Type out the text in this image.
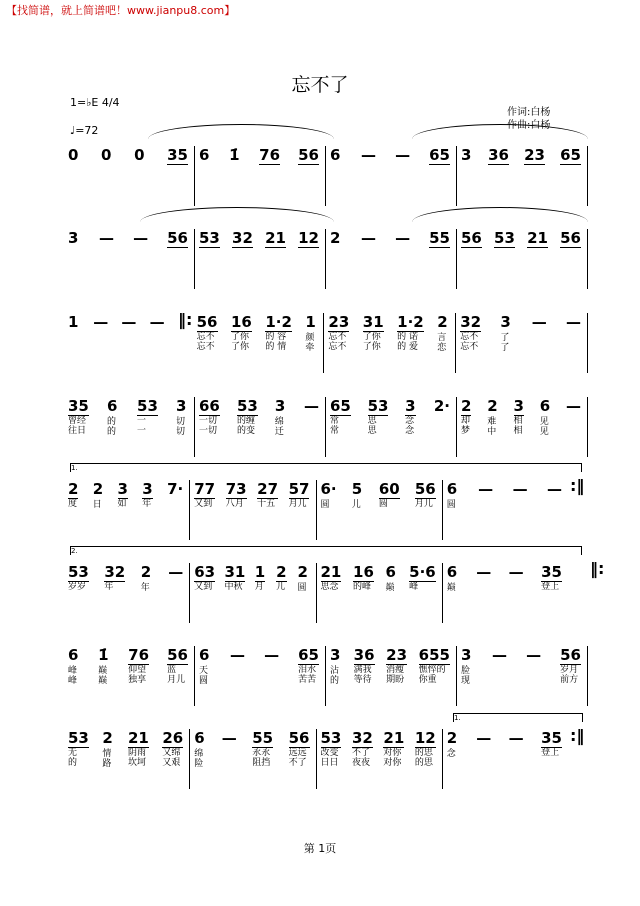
【找简谱，就上简谱吧！www.jianpu8.com】
忘不了
1=♭E 4/4
♩=72
作词:白杨
作曲:白杨
0 0 0 35 6 1̇ 76 56 6 — — 65 3 36 23 65
3 — — 56 53 32 21 12 2 — — 55 56 53 21 56
1 — — — 56
忘不
忘不
16
了你
了你
1·2
的 容
的 情
1
颜
牵
23
忘不
忘不
31
了你
了你
1·2
的 诺
的 爱
2
言
恋
32
忘不
忘不
3
了
了
— —
35
曾经
往日
6
的
的
53
一
一
3
切
切
66
一切
一切
53
的缠
的变
3
绵
迁
— 65
常
常
53
思
思
3
念
念
2· 2
却
梦
2
难
中
3
相
相
6
见
见
—
2
度
2
日
3
如
3
年
7· 77
又到
73
八月
27
十五
57
月儿
6·
圆
5
儿
60
圆
56
月儿
6
圆
— — —
53
岁岁
32
年
2
年
— 63
又到
31
中秋
1
月
2
儿
2
圆
21
思念
16
的峰
6
巅
5·6
峰
6
巅
— — 35
登上
6
峰
峰
1̇
巅
巅
76
仰望
独享
56
蓝
月儿
6
天
圆
— — 65
泪水
苦苦
3
沾
的
36
满我
等待
23
消瘦
期盼
655
憔悴的
你重
3
脸
现
— — 56
岁月
前方
53
无
的
2
情
路
21
阴雨
坎坷
26
又绵
又艰
6
绵
险
— 55
永永
阻挡
56
远远
不了
53
改变
日日
32
不了
夜夜
21
对你
对你
12
的思
的思
2
念
— — 35
登上
1.
2.
1.
‖:
:‖
‖:
:‖
第 1页
